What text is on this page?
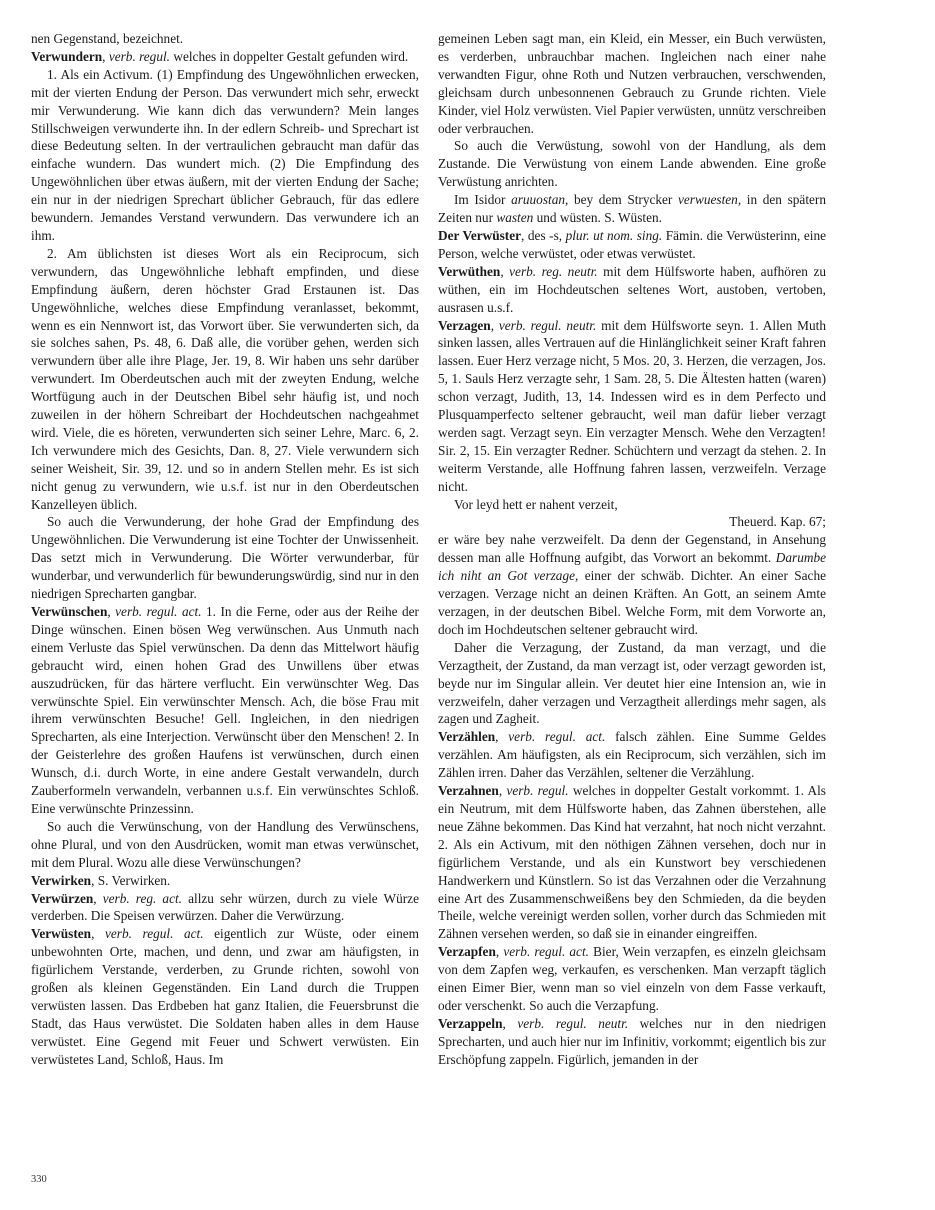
nen Gegenstand, bezeichnet.

Verwundern, verb. regul. welches in doppelter Gestalt gefunden wird.

1. Als ein Activum. (1) Empfindung des Ungewöhnlichen erwecken, mit der vierten Endung der Person. Das verwundert mich sehr, erweckt mir Verwunderung. Wie kann dich das verwundern? Mein langes Stillschweigen verwunderte ihn. In der edlern Schreib- und Sprechart ist diese Bedeutung selten. In der vertraulichen gebraucht man dafür das einfache wundern. Das wundert mich. (2) Die Empfindung des Ungewöhnlichen über etwas äußern, mit der vierten Endung der Sache; ein nur in der niedrigen Sprechart üblicher Gebrauch, für das edlere bewundern. Jemandes Verstand verwundern. Das verwundere ich an ihm.

2. Am üblichsten ist dieses Wort als ein Reciprocum, sich verwundern, das Ungewöhnliche lebhaft empfinden, und diese Empfindung äußern, deren höchster Grad Erstaunen ist. Das Ungewöhnliche, welches diese Empfindung veranlasset, bekommt, wenn es ein Nennwort ist, das Vorwort über. Sie verwunderten sich, da sie solches sahen, Ps. 48, 6. Daß alle, die vorüber gehen, werden sich verwundern über alle ihre Plage, Jer. 19, 8. Wir haben uns sehr darüber verwundert. Im Oberdeutschen auch mit der zweyten Endung, welche Wortfügung auch in der Deutschen Bibel sehr häufig ist, und noch zuweilen in der höhern Schreibart der Hochdeutschen nachgeahmet wird. Viele, die es höreten, verwunderten sich seiner Lehre, Marc. 6, 2. Ich verwundere mich des Gesichts, Dan. 8, 27. Viele verwundern sich seiner Weisheit, Sir. 39, 12. und so in andern Stellen mehr. Es ist sich nicht genug zu verwundern, wie u.s.f. ist nur in den Oberdeutschen Kanzelleyen üblich.

So auch die Verwunderung, der hohe Grad der Empfindung des Ungewöhnlichen. Die Verwunderung ist eine Tochter der Unwissenheit. Das setzt mich in Verwunderung. Die Wörter verwunderbar, für wunderbar, und verwunderlich für bewunderungswürdig, sind nur in den niedrigen Sprecharten gangbar.

Verwünschen, verb. regul. act. 1. In die Ferne, oder aus der Reihe der Dinge wünschen. Einen bösen Weg verwünschen. Aus Unmuth nach einem Verluste das Spiel verwünschen. Da denn das Mittelwort häufig gebraucht wird, einen hohen Grad des Unwillens über etwas auszudrücken, für das härtere verflucht. Ein verwünschter Weg. Das verwünschte Spiel. Ein verwünschter Mensch. Ach, die böse Frau mit ihrem verwünschten Besuche! Gell. Ingleichen, in den niedrigen Sprecharten, als eine Interjection. Verwünscht über den Menschen! 2. In der Geisterlehre des großen Haufens ist verwünschen, durch einen Wunsch, d.i. durch Worte, in eine andere Gestalt verwandeln, durch Zauberformeln verwandeln, verbannen u.s.f. Ein verwünschtes Schloß. Eine verwünschte Prinzessinn.

So auch die Verwünschung, von der Handlung des Verwünschens, ohne Plural, und von den Ausdrücken, womit man etwas verwünschet, mit dem Plural. Wozu alle diese Verwünschungen?

Verwirken, S. Verwirken.

Verwürzen, verb. reg. act. allzu sehr würzen, durch zu viele Würze verderben. Die Speisen verwürzen. Daher die Verwürzung.

Verwüsten, verb. regul. act. eigentlich zur Wüste, oder einem unbewohnten Orte, machen, und denn, und zwar am häufigsten, in figürlichem Verstande, verderben, zu Grunde richten, sowohl von großen als kleinen Gegenständen. Ein Land durch die Truppen verwüsten lassen. Das Erdbeben hat ganz Italien, die Feuersbrunst die Stadt, das Haus verwüstet. Die Soldaten haben alles in dem Hause verwüstet. Eine Gegend mit Feuer und Schwert verwüsten. Ein verwüstetes Land, Schloß, Haus. Im

gemeinen Leben sagt man, ein Kleid, ein Messer, ein Buch verwüsten, es verderben, unbrauchbar machen. Ingleichen nach einer nahe verwandten Figur, ohne Roth und Nutzen verbrauchen, verschwenden, gleichsam durch unbesonnenen Gebrauch zu Grunde richten. Viele Kinder, viel Holz verwüsten. Viel Papier verwüsten, unnütz verschreiben oder verbrauchen.

So auch die Verwüstung, sowohl von der Handlung, als dem Zustande. Die Verwüstung von einem Lande abwenden. Eine große Verwüstung anrichten.

Im Isidor aruuostan, bey dem Strycker verwuesten, in den spätern Zeiten nur wasten und wüsten. S. Wüsten.

Der Verwüster, des -s, plur. ut nom. sing. Fämin. die Verwüsterinn, eine Person, welche verwüstet, oder etwas verwüstet.

Verwüthen, verb. reg. neutr. mit dem Hülfsworte haben, aufhören zu wüthen, ein im Hochdeutschen seltenes Wort, austoben, vertoben, ausrasen u.s.f.

Verzagen, verb. regul. neutr. mit dem Hülfsworte seyn. 1. Allen Muth sinken lassen, alles Vertrauen auf die Hinlänglichkeit seiner Kraft fahren lassen. Euer Herz verzage nicht, 5 Mos. 20, 3. Herzen, die verzagen, Jos. 5, 1. Sauls Herz verzagte sehr, 1 Sam. 28, 5. Die Ältesten hatten (waren) schon verzagt, Judith, 13, 14. Indessen wird es in dem Perfecto und Plusquamperfecto seltener gebraucht, weil man dafür lieber verzagt werden sagt. Verzagt seyn. Ein verzagter Mensch. Wehe den Verzagten! Sir. 2, 15. Ein verzagter Redner. Schüchtern und verzagt da stehen. 2. In weiterm Verstande, alle Hoffnung fahren lassen, verzweifeln. Verzage nicht.

Vor leyd hett er nahent verzeit,

Theuerd. Kap. 67;

er wäre bey nahe verzweifelt. Da denn der Gegenstand, in Ansehung dessen man alle Hoffnung aufgibt, das Vorwort an bekommt. Darumbe ich niht an Got verzage, einer der schwäb. Dichter. An einer Sache verzagen. Verzage nicht an deinen Kräften. An Gott, an seinem Amte verzagen, in der deutschen Bibel. Welche Form, mit dem Vorworte an, doch im Hochdeutschen seltener gebraucht wird.

Daher die Verzagung, der Zustand, da man verzagt, und die Verzagtheit, der Zustand, da man verzagt ist, oder verzagt geworden ist, beyde nur im Singular allein. Ver deutet hier eine Intension an, wie in verzweifeln, daher verzagen und Verzagtheit allerdings mehr sagen, als zagen und Zagheit.

Verzählen, verb. regul. act. falsch zählen. Eine Summe Geldes verzählen. Am häufigsten, als ein Reciprocum, sich verzählen, sich im Zählen irren. Daher das Verzählen, seltener die Verzählung.

Verzahnen, verb. regul. welches in doppelter Gestalt vorkommt. 1. Als ein Neutrum, mit dem Hülfsworte haben, das Zahnen überstehen, alle neue Zähne bekommen. Das Kind hat verzahnt, hat noch nicht verzahnt. 2. Als ein Activum, mit den nöthigen Zähnen versehen, doch nur in figürlichem Verstande, und als ein Kunstwort bey verschiedenen Handwerkern und Künstlern. So ist das Verzahnen oder die Verzahnung eine Art des Zusammenschweißens bey den Schmieden, da die beyden Theile, welche vereinigt werden sollen, vorher durch das Schmieden mit Zähnen versehen werden, so daß sie in einander eingreiffen.

Verzapfen, verb. regul. act. Bier, Wein verzapfen, es einzeln gleichsam von dem Zapfen weg, verkaufen, es verschenken. Man verzapft täglich einen Eimer Bier, wenn man so viel einzeln von dem Fasse verkauft, oder verschenkt. So auch die Verzapfung.

Verzappeln, verb. regul. neutr. welches nur in den niedrigen Sprecharten, und auch hier nur im Infinitiv, vorkommt; eigentlich bis zur Erschöpfung zappeln. Figürlich, jemanden in der

330
